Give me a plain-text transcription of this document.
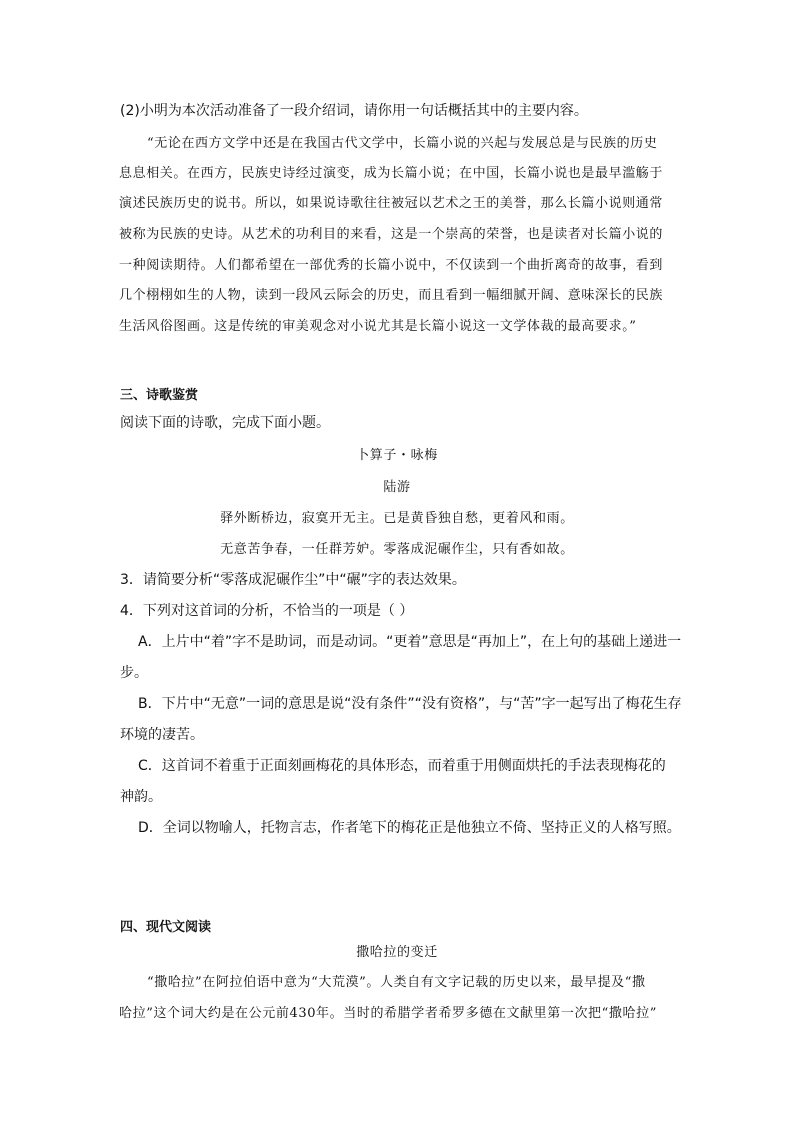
(2)小明为本次活动准备了一段介绍词，请你用一句话概括其中的主要内容。
“无论在西方文学中还是在我国古代文学中，长篇小说的兴起与发展总是与民族的历史
息息相关。在西方，民族史诗经过演变，成为长篇小说；在中国，长篇小说也是最早滥觞于
演述民族历史的说书。所以，如果说诗歌往往被冠以艺术之王的美誉，那么长篇小说则通常
被称为民族的史诗。从艺术的功利目的来看，这是一个崇高的荣誉，也是读者对长篇小说的
一种阅读期待。人们都希望在一部优秀的长篇小说中，不仅读到一个曲折离奇的故事，看到
几个栩栩如生的人物，读到一段风云际会的历史，而且看到一幅细腻开阔、意味深长的民族
生活风俗图画。这是传统的审美观念对小说尤其是长篇小说这一文学体裁的最高要求。”
三、诗歌鉴赏
阅读下面的诗歌，完成下面小题。
卜算子・咏梅
陆游
驿外断桥边，寂寞开无主。已是黄昏独自愁，更着风和雨。
无意苦争春，一任群芳妒。零落成泥碾作尘，只有香如故。
3．请简要分析“零落成泥碾作尘”中“碾”字的表达效果。
4．下列对这首词的分析，不恰当的一项是（ ）
A．上片中“着”字不是助词，而是动词。“更着”意思是“再加上”，在上句的基础上递进一
步。
B．下片中“无意”一词的意思是说“没有条件”“没有资格”，与“苦”字一起写出了梅花生存
环境的凄苦。
C．这首词不着重于正面刻画梅花的具体形态，而着重于用侧面烘托的手法表现梅花的
神韵。
D．全词以物喻人，托物言志，作者笔下的梅花正是他独立不倚、坚持正义的人格写照。
四、现代文阅读
撒哈拉的变迁
“撒哈拉”在阿拉伯语中意为“大荒漠”。人类自有文字记载的历史以来，最早提及“撒
哈拉”这个词大约是在公元前430年。当时的希腊学者希罗多德在文献里第一次把“撒哈拉”
